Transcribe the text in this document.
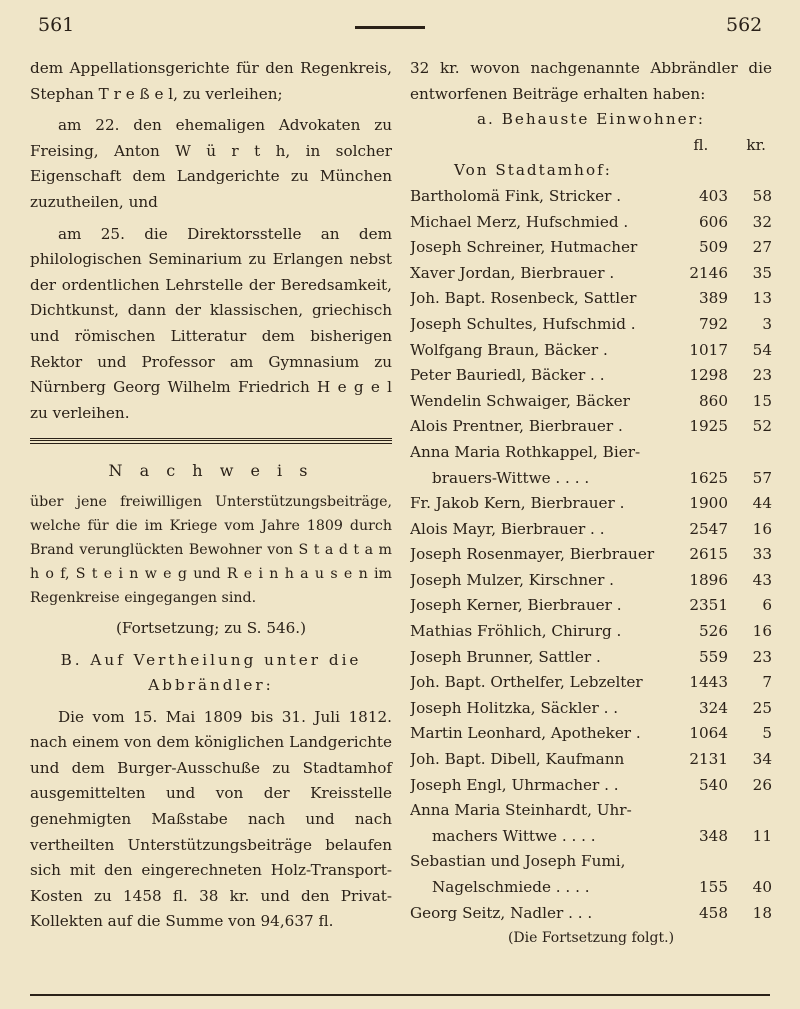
561	562

dem Appellationsgerichte für den Regenkreis, Stephan T r e ß e l, zu verleihen;

am 22. den ehemaligen Advokaten zu Freising, Anton W ü r t h, in solcher Eigenschaft dem Landgerichte zu München zuzutheilen, und

am 25. die Direktorsstelle an dem philologischen Seminarium zu Erlangen nebst der ordentlichen Lehrstelle der Beredsamkeit, Dichtkunst, dann der klassischen, griechisch und römischen Litteratur dem bisherigen Rektor und Professor am Gymnasium zu Nürnberg Georg Wilhelm Friedrich H e g e l zu verleihen.

N a c h w e i s

über jene freiwilligen Unterstützungsbeiträge, welche für die im Kriege vom Jahre 1809 durch Brand verunglückten Bewohner von S t a d t a m h o f, S t e i n w e g und R e i n h a u s e n im Regenkreise eingegangen sind.

(Fortsetzung; zu S. 546.)

B. Auf Vertheilung unter die Abbrändler:

Die vom 15. Mai 1809 bis 31. Juli 1812. nach einem von dem königlichen Landgerichte und dem Burger-Ausschuße zu Stadtamhof ausgemittelten und von der Kreisstelle genehmigten Maßstabe nach und nach vertheilten Unterstützungsbeiträge belaufen sich mit den eingerechneten Holz-Transport-Kosten zu 1458 fl. 38 kr. und den Privat-Kollekten auf die Summe von 94,637 fl.

32 kr. wovon nachgenannte Abbrändler die entworfenen Beiträge erhalten haben:

a. Behauste Einwohner:

fl.	kr.

Von Stadtamhof:

Bartholomä Fink, Stricker .	403	58
Michael Merz, Hufschmied .	606	32
Joseph Schreiner, Hutmacher	509	27
Xaver Jordan, Bierbrauer .	2146	35
Joh. Bapt. Rosenbeck, Sattler	389	13
Joseph Schultes, Hufschmid .	792	3
Wolfgang Braun, Bäcker .	1017	54
Peter Bauriedl, Bäcker . .	1298	23
Wendelin Schwaiger, Bäcker	860	15
Alois Prentner, Bierbrauer .	1925	52
Anna Maria Rothkappel, Bier-
brauers-Wittwe . . . .	1625	57
Fr. Jakob Kern, Bierbrauer .	1900	44
Alois Mayr, Bierbrauer . .	2547	16
Joseph Rosenmayer, Bierbrauer	2615	33
Joseph Mulzer, Kirschner .	1896	43
Joseph Kerner, Bierbrauer .	2351	6
Mathias Fröhlich, Chirurg .	526	16
Joseph Brunner, Sattler .	559	23
Joh. Bapt. Orthelfer, Lebzelter	1443	7
Joseph Holitzka, Säckler . .	324	25
Martin Leonhard, Apotheker .	1064	5
Joh. Bapt. Dibell, Kaufmann	2131	34
Joseph Engl, Uhrmacher . .	540	26
Anna Maria Steinhardt, Uhr-
machers Wittwe . . . .	348	11
Sebastian und Joseph Fumi,
Nagelschmiede . . . .	155	40
Georg Seitz, Nadler . . .	458	18

(Die Fortsetzung folgt.)
